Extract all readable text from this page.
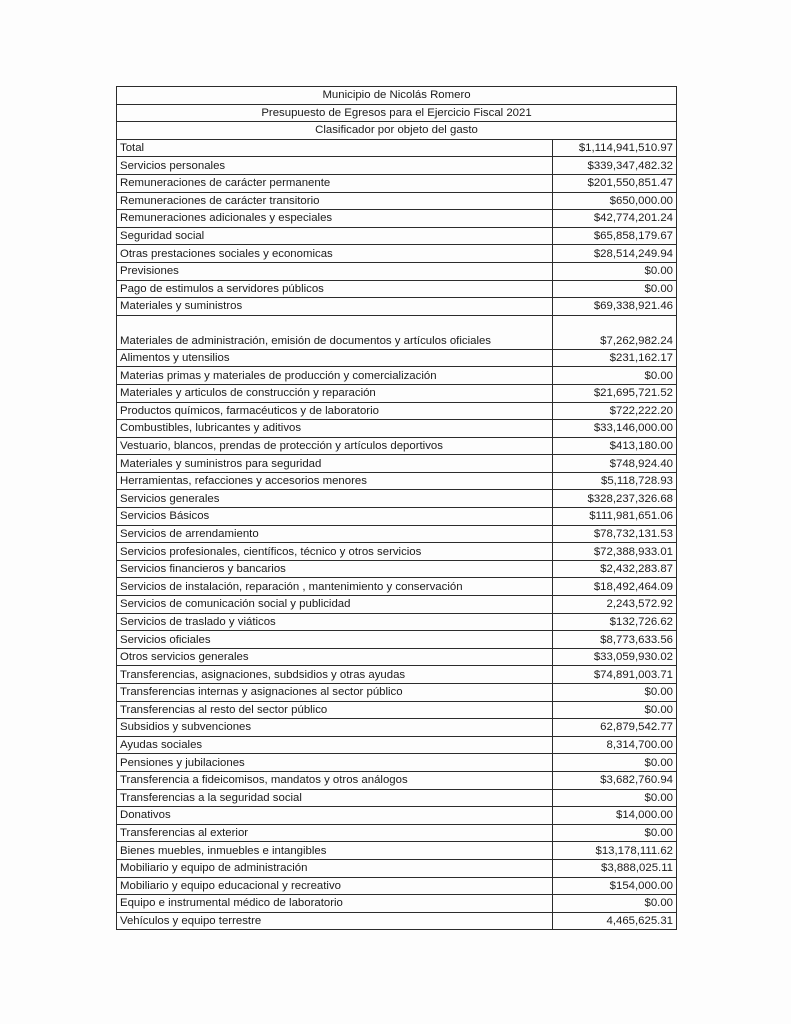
Municipio de Nicolás Romero	
Presupuesto de Egresos para el Ejercicio Fiscal 2021	
Clasificador por objeto del gasto	
Total	$1,114,941,510.97
Servicios personales	$339,347,482.32
Remuneraciones de carácter permanente	$201,550,851.47
Remuneraciones de carácter transitorio	$650,000.00
Remuneraciones adicionales y especiales	$42,774,201.24
Seguridad social	$65,858,179.67
Otras prestaciones sociales y economicas	$28,514,249.94
Previsiones	$0.00
Pago de estimulos a servidores públicos	$0.00
Materiales y suministros	$69,338,921.46
Materiales de administración, emisión de documentos y artículos oficiales	$7,262,982.24
Alimentos y utensilios	$231,162.17
Materias primas y materiales de producción y comercialización	$0.00
Materiales y articulos de construcción y reparación	$21,695,721.52
Productos químicos, farmacéuticos y de laboratorio	$722,222.20
Combustibles, lubricantes y aditivos	$33,146,000.00
Vestuario, blancos, prendas de protección y artículos deportivos	$413,180.00
Materiales y suministros para seguridad	$748,924.40
Herramientas, refacciones y accesorios menores	$5,118,728.93
Servicios generales	$328,237,326.68
Servicios Básicos	$111,981,651.06
Servicios de arrendamiento	$78,732,131.53
Servicios profesionales, científicos, técnico y otros servicios	$72,388,933.01
Servicios financieros y bancarios	$2,432,283.87
Servicios de instalación, reparación , mantenimiento y conservación	$18,492,464.09
Servicios de comunicación social y publicidad	2,243,572.92
Servicios de traslado y viáticos	$132,726.62
Servicios oficiales	$8,773,633.56
Otros servicios generales	$33,059,930.02
Transferencias, asignaciones, subdsidios y otras ayudas	$74,891,003.71
Transferencias internas y asignaciones al sector público	$0.00
Transferencias al resto del sector público	$0.00
Subsidios y subvenciones	62,879,542.77
Ayudas sociales	8,314,700.00
Pensiones y jubilaciones	$0.00
Transferencia a fideicomisos, mandatos y otros análogos	$3,682,760.94
Transferencias a la seguridad social	$0.00
Donativos	$14,000.00
Transferencias al exterior	$0.00
Bienes muebles, inmuebles e intangibles	$13,178,111.62
Mobiliario y equipo de administración	$3,888,025.11
Mobiliario y equipo educacional y recreativo	$154,000.00
Equipo e instrumental médico de laboratorio	$0.00
Vehículos y equipo terrestre	4,465,625.31
